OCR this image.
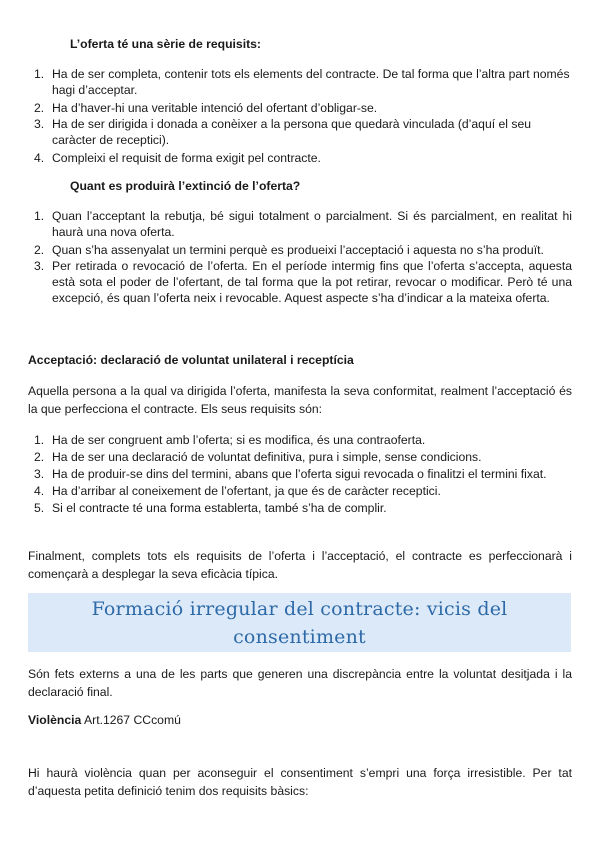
L’oferta té una sèrie de requisits:
1. Ha de ser completa, contenir tots els elements del contracte. De tal forma que l’altra part només hagi d’acceptar.
2. Ha d’haver-hi una veritable intenció del ofertant d’obligar-se.
3. Ha de ser dirigida i donada a conèixer a la persona que quedarà vinculada (d’aquí el seu caràcter de receptici).
4. Compleixi el requisit de forma exigit pel contracte.
Quant es produirà l’extinció de l’oferta?
1. Quan l’acceptant la rebutja, bé sigui totalment o parcialment. Si és parcialment, en realitat hi haurà una nova oferta.
2. Quan s’ha assenyalat un termini perquè es produeixi l’acceptació i aquesta no s’ha produït.
3. Per retirada o revocació de l’oferta. En el període intermig fins que l’oferta s’accepta, aquesta està sota el poder de l’ofertant, de tal forma que la pot retirar, revocar o modificar. Però té una excepció, és quan l’oferta neix i revocable. Aquest aspecte s’ha d’indicar a la mateixa oferta.
Acceptació: declaració de voluntat unilateral i receptícia
Aquella persona a la qual va dirigida l’oferta, manifesta la seva conformitat, realment l’acceptació és la que perfecciona el contracte. Els seus requisits són:
1. Ha de ser congruent amb l’oferta; si es modifica, és una contraoferta.
2. Ha de ser una declaració de voluntat definitiva, pura i simple, sense condicions.
3. Ha de produir-se dins del termini, abans que l’oferta sigui revocada o finalitzi el termini fixat.
4. Ha d’arribar al coneixement de l’ofertant, ja que és de caràcter receptici.
5. Si el contracte té una forma establerta, també s’ha de complir.
Finalment, complets tots els requisits de l’oferta i l’acceptació, el contracte es perfeccionarà i començarà a desplegar la seva eficàcia típica.
Formació irregular del contracte: vicis del
consentiment
Són fets externs a una de les parts que generen una discrepància entre la voluntat desitjada i la declaració final.
Violència Art.1267 CCcomú
Hi haurà violència quan per aconseguir el consentiment s’empri una força irresistible. Per tat d’aquesta petita definició tenim dos requisits bàsics:
